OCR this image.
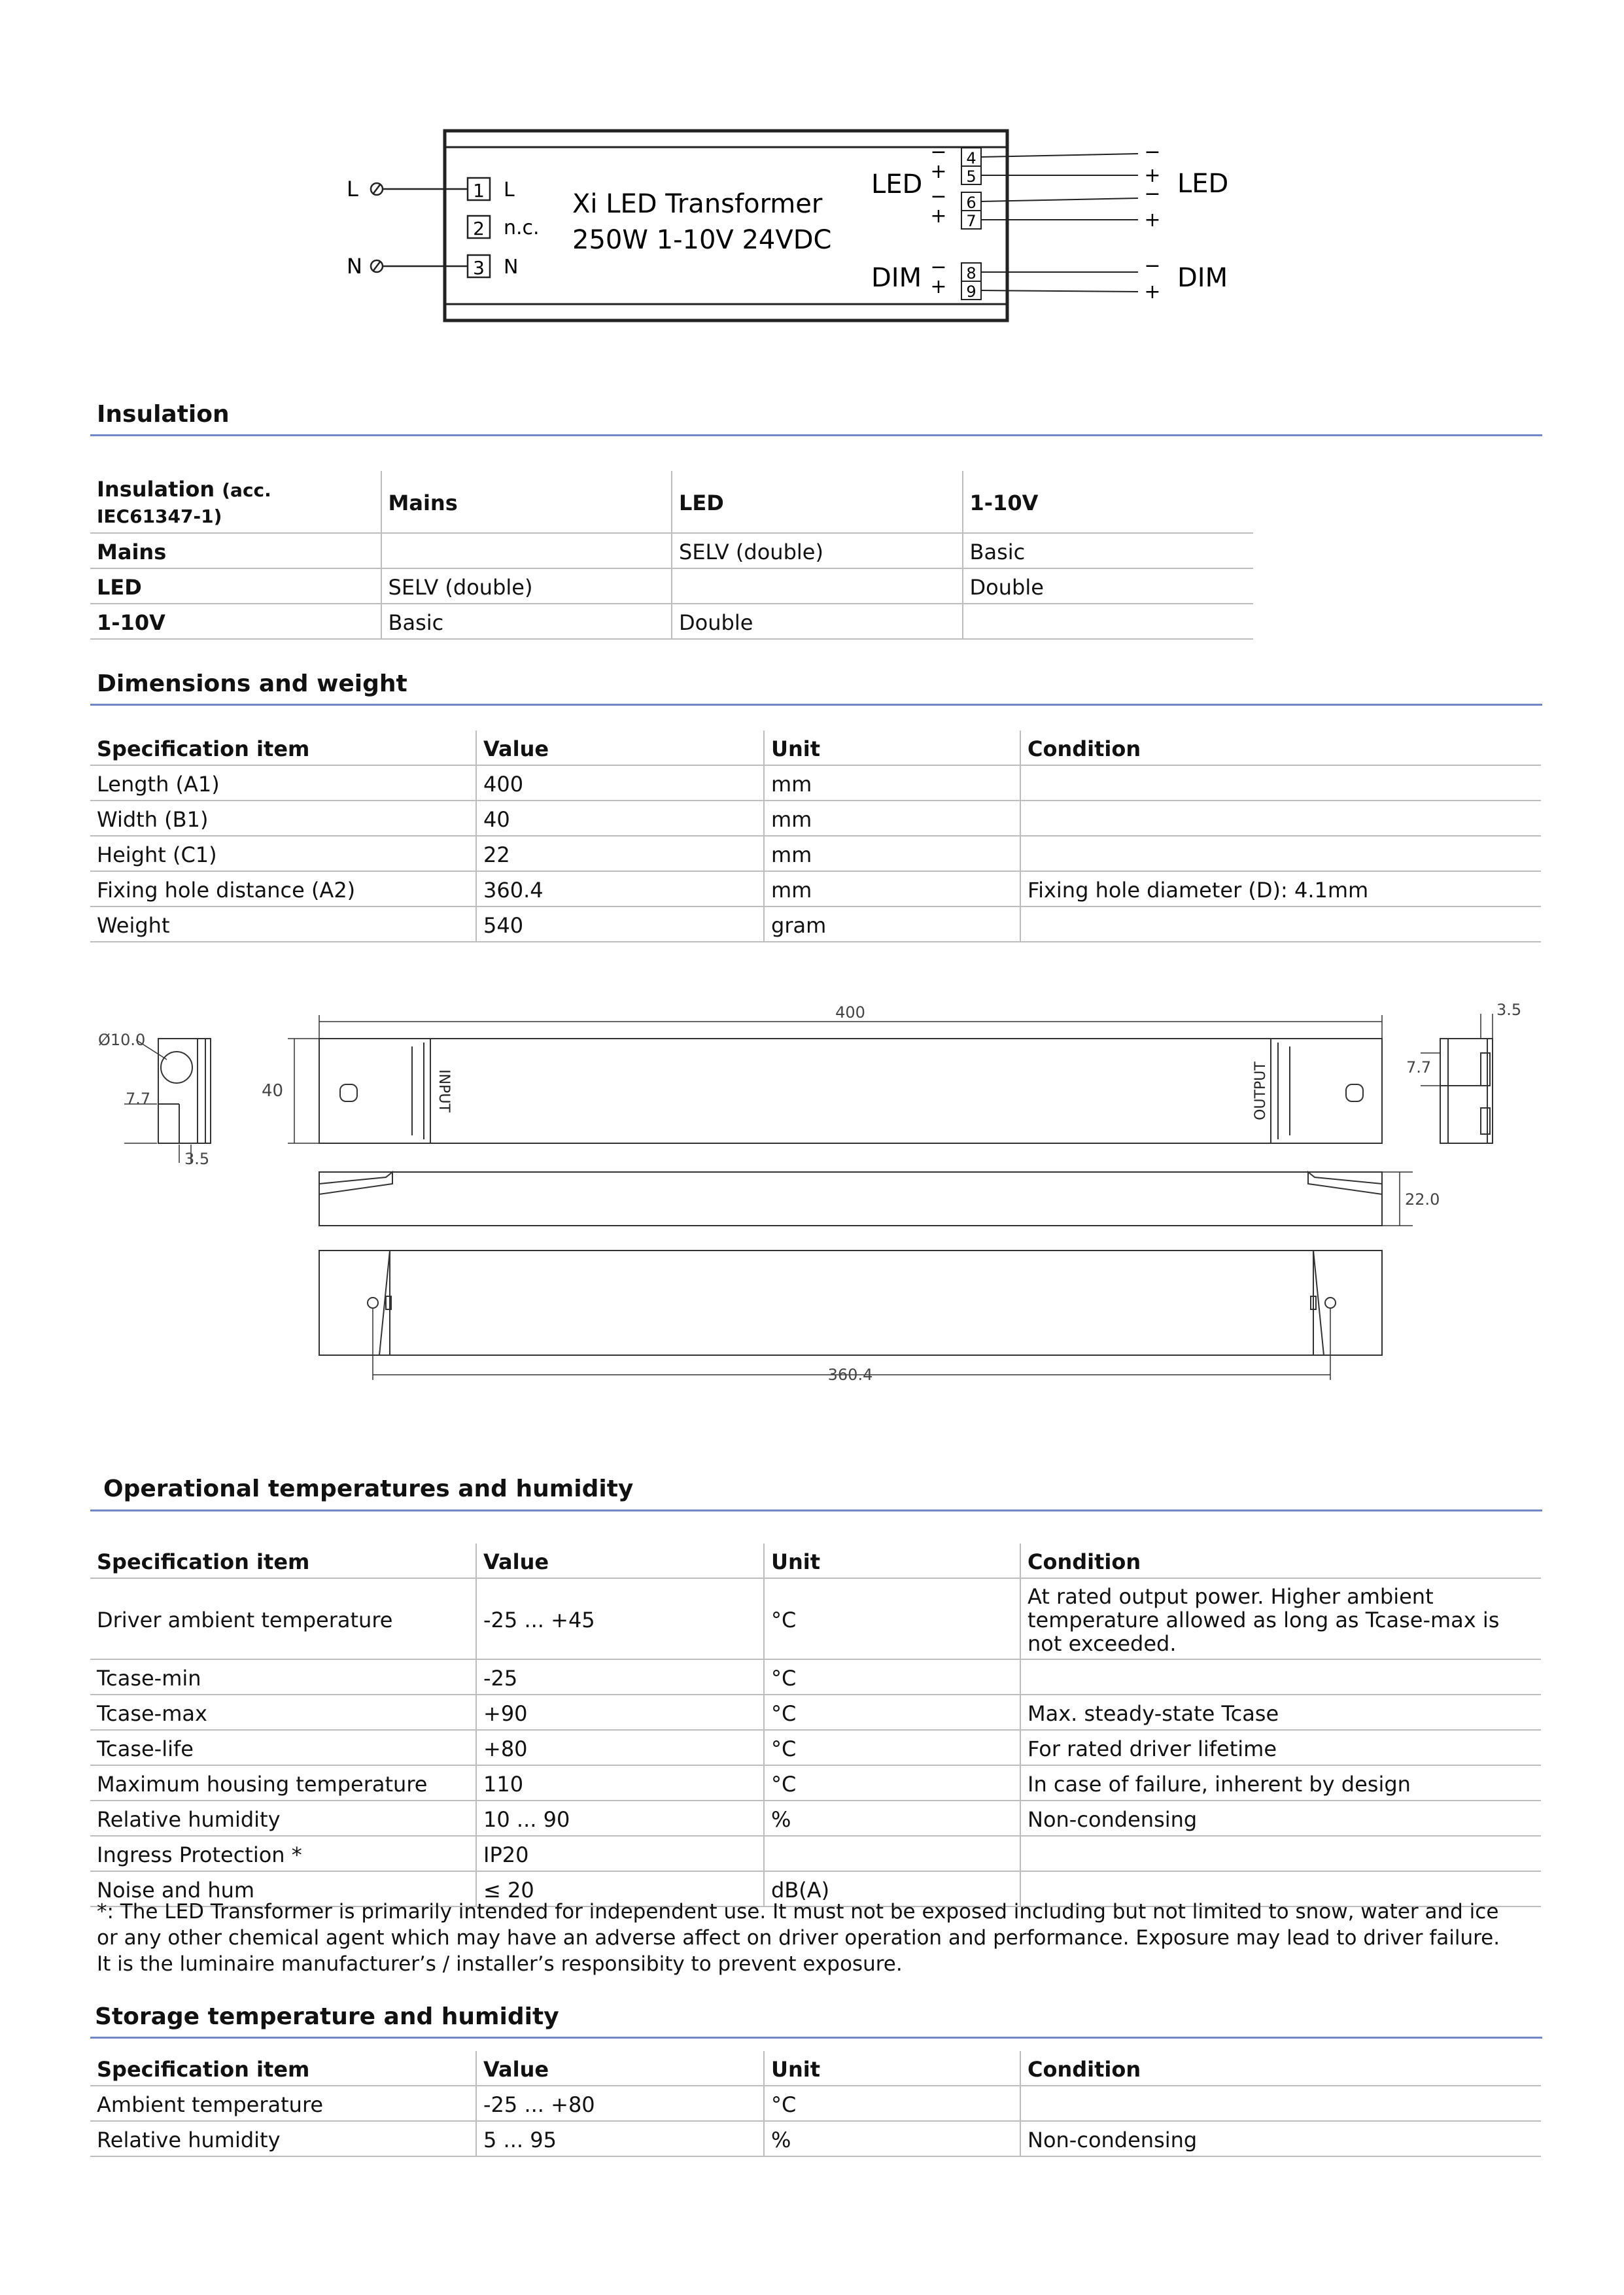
Xi LED Transformer
250W 1-10V 24VDC
L
N
1
2
3
L
n.c.
N
LED
DIM
−
+
−
+
−
+
4
5
6
7
8
9
−
+
−
+
−
+
LED
DIM
Insulation
Insulation (acc. IEC61347-1)	Mains	LED	1-10V
Mains		SELV (double)	Basic
LED	SELV (double)		Double
1-10V	Basic	Double	
Dimensions and weight
Specification item	Value	Unit	Condition
Length (A1)	400	mm	
Width (B1)	40	mm	
Height (C1)	22	mm	
Fixing hole distance (A2)	360.4	mm	Fixing hole diameter (D): 4.1mm
Weight	540	gram	
Ø10.0
7.7
3.5
400
40	INPUT	OUTPUT
3.5
7.7
22.0
360.4
Operational temperatures and humidity
Specification item	Value	Unit	Condition
Driver ambient temperature	-25 ... +45	°C	At rated output power. Higher ambient temperature allowed as long as Tcase-max is not exceeded.
Tcase-min	-25	°C	
Tcase-max	+90	°C	Max. steady-state Tcase
Tcase-life	+80	°C	For rated driver lifetime
Maximum housing temperature	110	°C	In case of failure, inherent by design
Relative humidity	10 ... 90	%	Non-condensing
Ingress Protection *	IP20		
Noise and hum	≤ 20	dB(A)	
*: The LED Transformer is primarily intended for independent use. It must not be exposed including but not limited to snow, water and ice or any other chemical agent which may have an adverse affect on driver operation and performance. Exposure may lead to driver failure. It is the luminaire manufacturer’s / installer’s responsibity to prevent exposure.
Storage temperature and humidity
Specification item	Value	Unit	Condition
Ambient temperature	-25 ... +80	°C	
Relative humidity	5 ... 95	%	Non-condensing
